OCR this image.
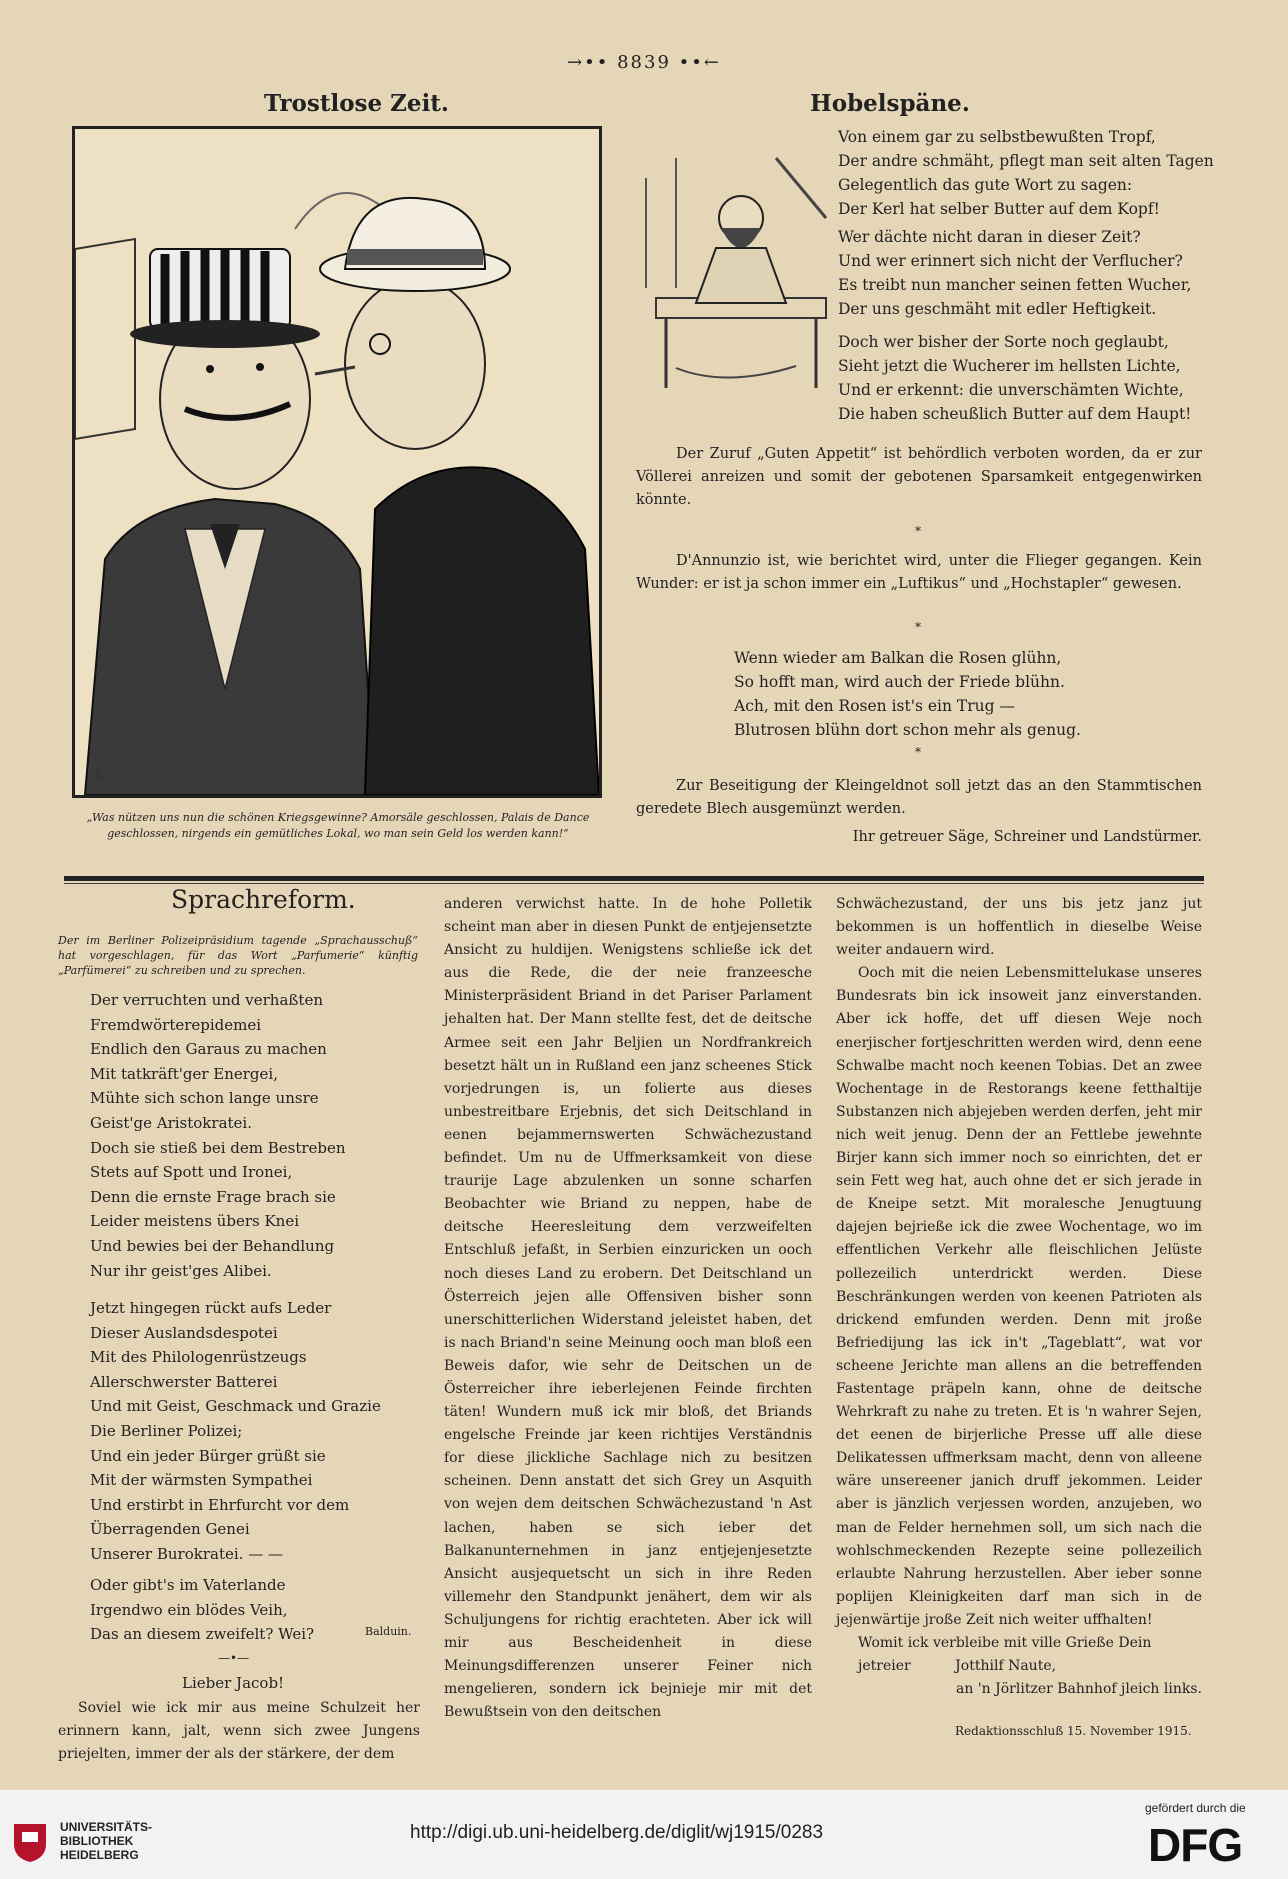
→•• 8839 ••←
Trostlose Zeit.
K.
„Was nützen uns nun die schönen Kriegsgewinne? Amorsäle geschlossen, Palais de Dance geschlossen, nirgends ein gemütliches Lokal, wo man sein Geld los werden kann!“
Hobelspäne.
Von einem gar zu selbstbewußten Tropf,
Der andre schmäht, pflegt man seit alten Tagen
Gelegentlich das gute Wort zu sagen:
Der Kerl hat selber Butter auf dem Kopf!
Wer dächte nicht daran in dieser Zeit?
Und wer erinnert sich nicht der Verflucher?
Es treibt nun mancher seinen fetten Wucher,
Der uns geschmäht mit edler Heftigkeit.
Doch wer bisher der Sorte noch geglaubt,
Sieht jetzt die Wucherer im hellsten Lichte,
Und er erkennt: die unverschämten Wichte,
Die haben scheußlich Butter auf dem Haupt!
Der Zuruf „Guten Appetit“ ist behördlich verboten worden, da er zur Völlerei anreizen und somit der gebotenen Sparsamkeit entgegenwirken könnte.
*
D'Annunzio ist, wie berichtet wird, unter die Flieger gegangen. Kein Wunder: er ist ja schon immer ein „Luftikus“ und „Hochstapler“ gewesen.
*
Wenn wieder am Balkan die Rosen glühn,
So hofft man, wird auch der Friede blühn.
Ach, mit den Rosen ist's ein Trug —
Blutrosen blühn dort schon mehr als genug.
*
Zur Beseitigung der Kleingeldnot soll jetzt das an den Stammtischen geredete Blech ausgemünzt werden.
Ihr getreuer Säge, Schreiner und Landstürmer.
Sprachreform.
Der im Berliner Polizeipräsidium tagende „Sprachausschuß“ hat vorgeschlagen, für das Wort „Parfumerie“ künftig „Parfümerei“ zu schreiben und zu sprechen.
Der verruchten und verhaßten
Fremdwörterepidemei
Endlich den Garaus zu machen
Mit tatkräft'ger Energei,
Mühte sich schon lange unsre
Geist'ge Aristokratei.
Doch sie stieß bei dem Bestreben
Stets auf Spott und Ironei,
Denn die ernste Frage brach sie
Leider meistens übers Knei
Und bewies bei der Behandlung
Nur ihr geist'ges Alibei.
Jetzt hingegen rückt aufs Leder
Dieser Auslandsdespotei
Mit des Philologenrüstzeugs
Allerschwerster Batterei
Und mit Geist, Geschmack und Grazie
Die Berliner Polizei;
Und ein jeder Bürger grüßt sie
Mit der wärmsten Sympathei
Und erstirbt in Ehrfurcht vor dem
Überragenden Genei
Unserer Burokratei. — —
Oder gibt's im Vaterlande
Irgendwo ein blödes Veih,
Das an diesem zweifelt? Wei?	Balduin.
—•—
Lieber Jacob!
Soviel wie ick mir aus meine Schulzeit her erinnern kann, jalt, wenn sich zwee Jungens priejelten, immer der als der stärkere, der dem
anderen verwichst hatte. In de hohe Polletik scheint man aber in diesen Punkt de entjejensetzte Ansicht zu huldijen. Wenigstens schließe ick det aus die Rede, die der neie franzeesche Ministerpräsident Briand in det Pariser Parlament jehalten hat. Der Mann stellte fest, det de deitsche Armee seit een Jahr Beljien un Nordfrankreich besetzt hält un in Rußland een janz scheenes Stick vorjedrungen is, un folierte aus dieses unbestreitbare Erjebnis, det sich Deitschland in eenen bejammernswerten Schwächezustand befindet. Um nu de Uffmerksamkeit von diese traurije Lage abzulenken un sonne scharfen Beobachter wie Briand zu neppen, habe de deitsche Heeresleitung dem verzweifelten Entschluß jefaßt, in Serbien einzuricken un ooch noch dieses Land zu erobern. Det Deitschland un Österreich jejen alle Offensiven bisher sonn unerschitterlichen Widerstand jeleistet haben, det is nach Briand'n seine Meinung ooch man bloß een Beweis dafor, wie sehr de Deitschen un de Österreicher ihre ieberlejenen Feinde firchten täten! Wundern muß ick mir bloß, det Briands engelsche Freinde jar keen richtijes Verständnis for diese jlickliche Sachlage nich zu besitzen scheinen. Denn anstatt det sich Grey un Asquith von wejen dem deitschen Schwächezustand 'n Ast lachen, haben se sich ieber det Balkanunternehmen in janz entjejenjesetzte Ansicht ausjequetscht un sich in ihre Reden villemehr den Standpunkt jenähert, dem wir als Schuljungens for richtig erachteten. Aber ick will mir aus Bescheidenheit in diese Meinungsdifferenzen unserer Feiner nich mengelieren, sondern ick bejnieje mir mit det Bewußtsein von den deitschen

Schwächezustand, der uns bis jetz janz jut bekommen is un hoffentlich in dieselbe Weise weiter andauern wird.

Ooch mit die neien Lebensmittelukase unseres Bundesrats bin ick insoweit janz einverstanden. Aber ick hoffe, det uff diesen Weje noch enerjischer fortjeschritten werden wird, denn eene Schwalbe macht noch keenen Tobias. Det an zwee Wochentage in de Restorangs keene fetthaltije Substanzen nich abjejeben werden derfen, jeht mir nich weit jenug. Denn der an Fettlebe jewehnte Birjer kann sich immer noch so einrichten, det er sein Fett weg hat, auch ohne det er sich jerade in de Kneipe setzt. Mit moralesche Jenugtuung dajejen bejrieße ick die zwee Wochentage, wo im effentlichen Verkehr alle fleischlichen Jelüste pollezeilich unterdrickt werden. Diese Beschränkungen werden von keenen Patrioten als drickend emfunden werden. Denn mit jroße Befriedijung las ick in't „Tageblatt“, wat vor scheene Jerichte man allens an die betreffenden Fastentage präpeln kann, ohne de deitsche Wehrkraft zu nahe zu treten. Et is 'n wahrer Sejen, det eenen de birjerliche Presse uff alle diese Delikatessen uffmerksam macht, denn von alleene wäre unsereener janich druff jekommen. Leider aber is jänzlich verjessen worden, anzujeben, wo man de Felder hernehmen soll, um sich nach die wohlschmeckenden Rezepte seine pollezeilich erlaubte Nahrung herzustellen. Aber ieber sonne poplijen Kleinigkeiten darf man sich in de jejenwärtije jroße Zeit nich weiter uffhalten!

Womit ick verbleibe mit ville Grieße Dein

jetreier          Jotthilf Naute,

an 'n Jörlitzer Bahnhof jleich links.

Redaktionsschluß 15. November 1915.
UNIVERSITÄTS-
BIBLIOTHEK
HEIDELBERG
http://digi.ub.uni-heidelberg.de/diglit/wj1915/0283
gefördert durch die
DFG
